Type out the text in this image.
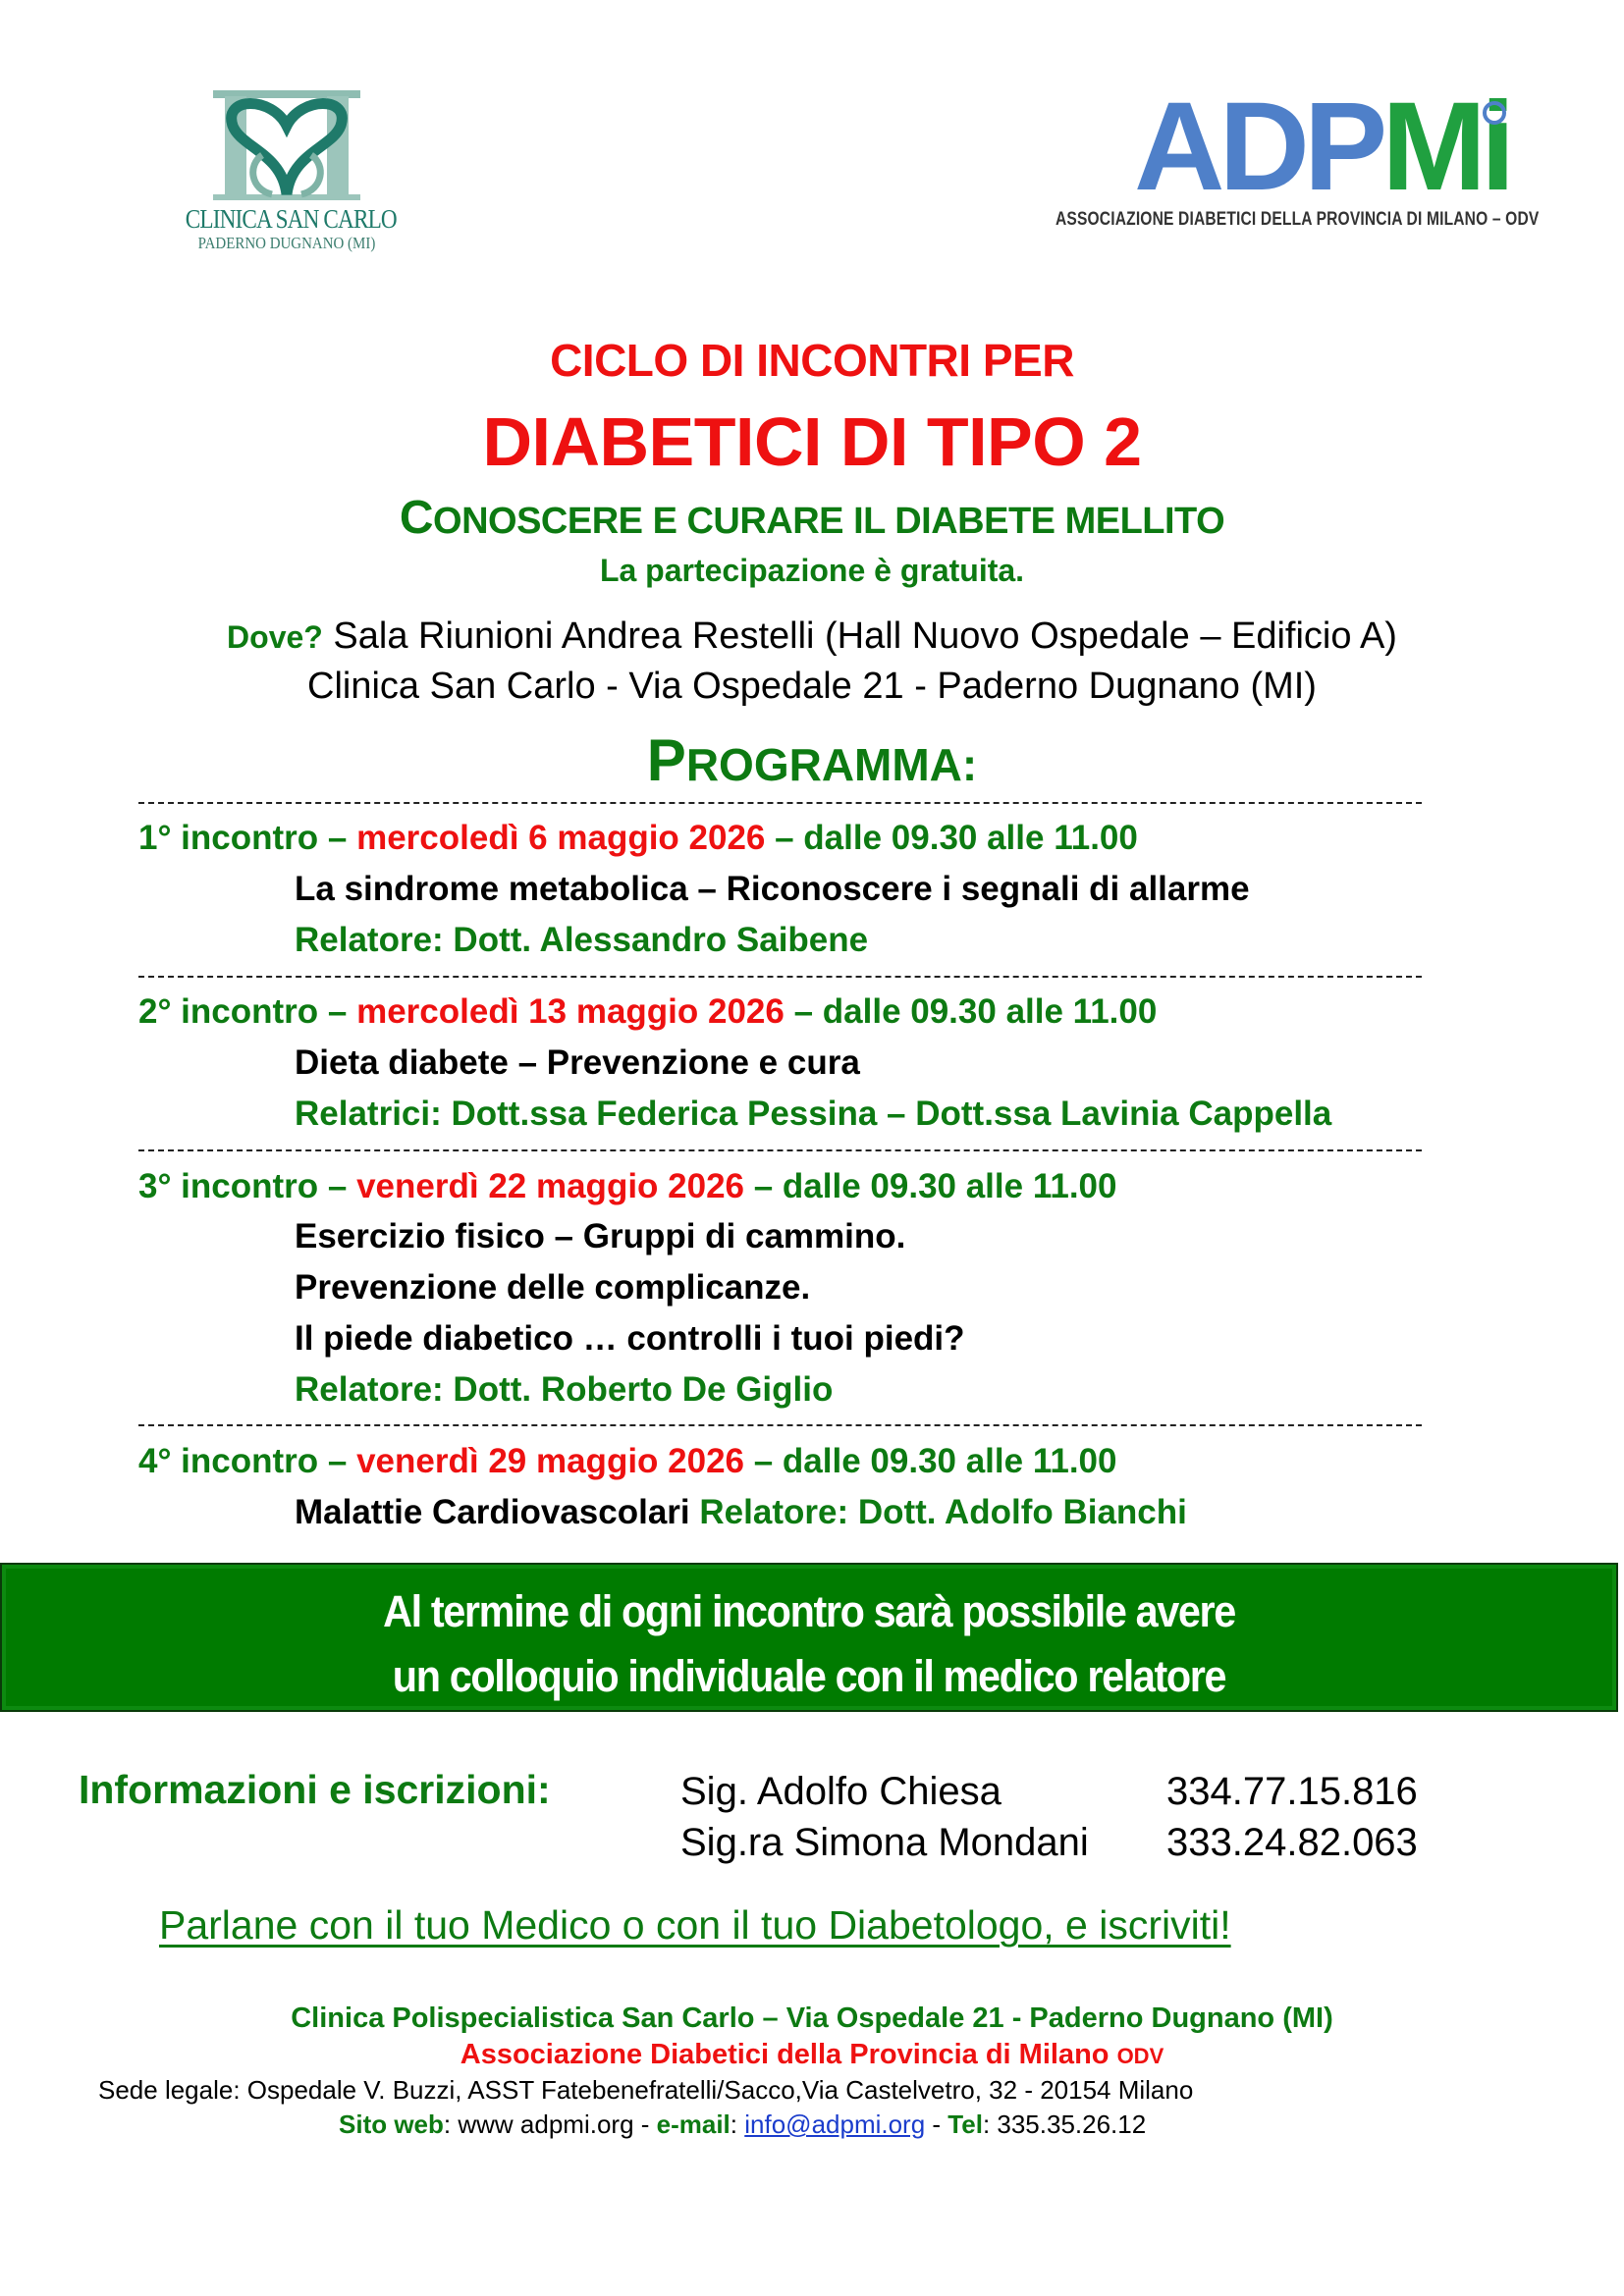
CLINICA SAN CARLO
PADERNO DUGNANO (MI)
ADPMi
ASSOCIAZIONE DIABETICI DELLA PROVINCIA DI MILANO – ODV
CICLO DI INCONTRI PER
DIABETICI DI TIPO 2
CONOSCERE E CURARE IL DIABETE MELLITO
La partecipazione è gratuita.
Dove? Sala Riunioni Andrea Restelli (Hall Nuovo Ospedale – Edificio A)
Clinica San Carlo - Via Ospedale 21 - Paderno Dugnano (MI)
PROGRAMMA:
1° incontro – mercoledì 6 maggio 2026 – dalle 09.30 alle 11.00
La sindrome metabolica – Riconoscere i segnali di allarme
Relatore: Dott. Alessandro Saibene
2° incontro – mercoledì 13 maggio 2026 – dalle 09.30 alle 11.00
Dieta diabete – Prevenzione e cura
Relatrici: Dott.ssa Federica Pessina – Dott.ssa Lavinia Cappella
3° incontro – venerdì 22 maggio 2026 – dalle 09.30 alle 11.00
Esercizio fisico – Gruppi di cammino.
Prevenzione delle complicanze.
Il piede diabetico … controlli i tuoi piedi?
Relatore: Dott. Roberto De Giglio
4° incontro – venerdì 29 maggio 2026 – dalle 09.30 alle 11.00
Malattie Cardiovascolari Relatore: Dott. Adolfo Bianchi
Al termine di ogni incontro sarà possibile avere
un colloquio individuale con il medico relatore
Informazioni e iscrizioni:	Sig. Adolfo Chiesa	334.77.15.816
Sig.ra Simona Mondani 333.24.82.063
Parlane con il tuo Medico o con il tuo Diabetologo, e iscriviti!
Clinica Polispecialistica San Carlo – Via Ospedale 21 - Paderno Dugnano (MI)
Associazione Diabetici della Provincia di Milano ODV
Sede legale: Ospedale V. Buzzi, ASST Fatebenefratelli/Sacco,Via Castelvetro, 32 - 20154 Milano
Sito web: www adpmi.org - e-mail: info@adpmi.org - Tel: 335.35.26.12
